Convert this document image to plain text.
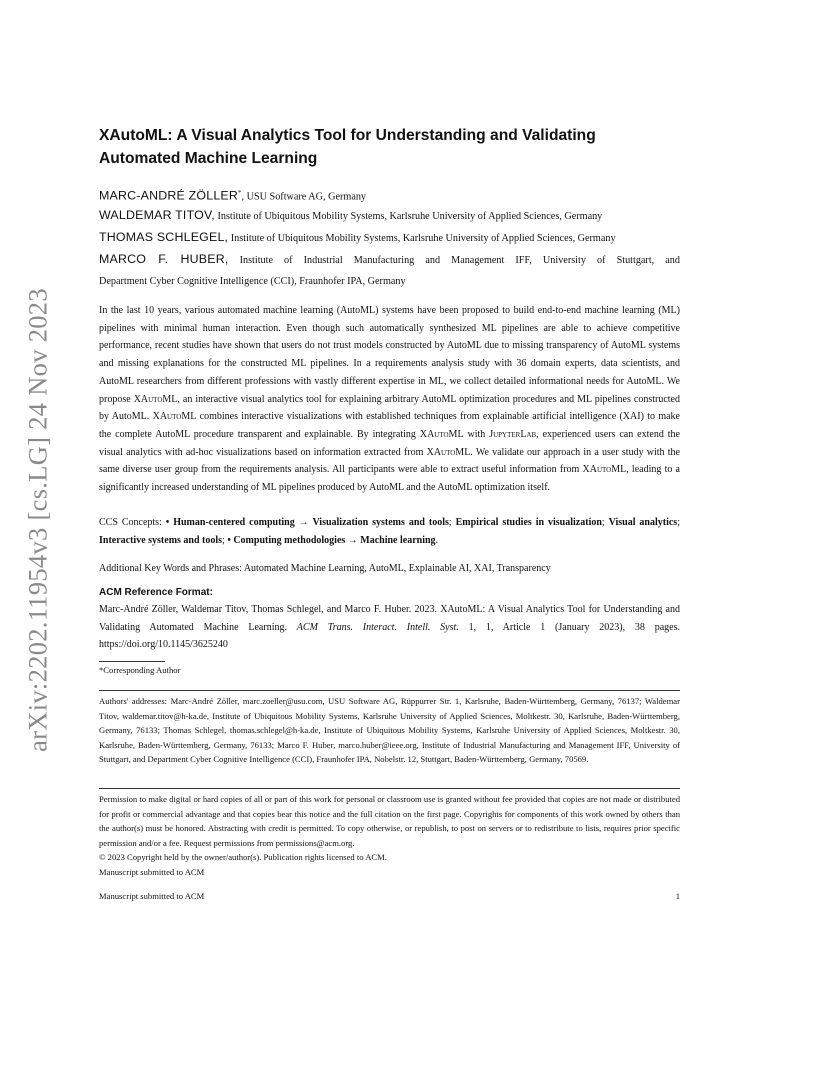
arXiv:2202.11954v3 [cs.LG] 24 Nov 2023
XAutoML: A Visual Analytics Tool for Understanding and Validating Automated Machine Learning
MARC-ANDRÉ ZÖLLER*, USU Software AG, Germany
WALDEMAR TITOV, Institute of Ubiquitous Mobility Systems, Karlsruhe University of Applied Sciences, Germany
THOMAS SCHLEGEL, Institute of Ubiquitous Mobility Systems, Karlsruhe University of Applied Sciences, Germany
MARCO F. HUBER, Institute of Industrial Manufacturing and Management IFF, University of Stuttgart, and
Department Cyber Cognitive Intelligence (CCI), Fraunhofer IPA, Germany
In the last 10 years, various automated machine learning (AutoML) systems have been proposed to build end-to-end machine learning (ML) pipelines with minimal human interaction. Even though such automatically synthesized ML pipelines are able to achieve competitive performance, recent studies have shown that users do not trust models constructed by AutoML due to missing transparency of AutoML systems and missing explanations for the constructed ML pipelines. In a requirements analysis study with 36 domain experts, data scientists, and AutoML researchers from different professions with vastly different expertise in ML, we collect detailed informational needs for AutoML. We propose XAutoML, an interactive visual analytics tool for explaining arbitrary AutoML optimization procedures and ML pipelines constructed by AutoML. XAutoML combines interactive visualizations with established techniques from explainable artificial intelligence (XAI) to make the complete AutoML procedure transparent and explainable. By integrating XAutoML with JupyterLab, experienced users can extend the visual analytics with ad-hoc visualizations based on information extracted from XAutoML. We validate our approach in a user study with the same diverse user group from the requirements analysis. All participants were able to extract useful information from XAutoML, leading to a significantly increased understanding of ML pipelines produced by AutoML and the AutoML optimization itself.
CCS Concepts: • Human-centered computing → Visualization systems and tools; Empirical studies in visualization; Visual analytics; Interactive systems and tools; • Computing methodologies → Machine learning.
Additional Key Words and Phrases: Automated Machine Learning, AutoML, Explainable AI, XAI, Transparency
ACM Reference Format:
Marc-André Zöller, Waldemar Titov, Thomas Schlegel, and Marco F. Huber. 2023. XAutoML: A Visual Analytics Tool for Understanding and Validating Automated Machine Learning. ACM Trans. Interact. Intell. Syst. 1, 1, Article 1 (January 2023), 38 pages. https://doi.org/10.1145/3625240
*Corresponding Author
Authors' addresses: Marc-André Zöller, marc.zoeller@usu.com, USU Software AG, Rüppurrer Str. 1, Karlsruhe, Baden-Württemberg, Germany, 76137; Waldemar Titov, waldemar.titov@h-ka.de, Institute of Ubiquitous Mobility Systems, Karlsruhe University of Applied Sciences, Moltkestr. 30, Karlsruhe, Baden-Württemberg, Germany, 76133; Thomas Schlegel, thomas.schlegel@h-ka.de, Institute of Ubiquitous Mobility Systems, Karlsruhe University of Applied Sciences, Moltkestr. 30, Karlsruhe, Baden-Württemberg, Germany, 76133; Marco F. Huber, marco.huber@ieee.org, Institute of Industrial Manufacturing and Management IFF, University of Stuttgart, and Department Cyber Cognitive Intelligence (CCI), Fraunhofer IPA, Nobelstr. 12, Stuttgart, Baden-Württemberg, Germany, 70569.
Permission to make digital or hard copies of all or part of this work for personal or classroom use is granted without fee provided that copies are not made or distributed for profit or commercial advantage and that copies bear this notice and the full citation on the first page. Copyrights for components of this work owned by others than the author(s) must be honored. Abstracting with credit is permitted. To copy otherwise, or republish, to post on servers or to redistribute to lists, requires prior specific permission and/or a fee. Request permissions from permissions@acm.org.
© 2023 Copyright held by the owner/author(s). Publication rights licensed to ACM.
Manuscript submitted to ACM
Manuscript submitted to ACM	1
